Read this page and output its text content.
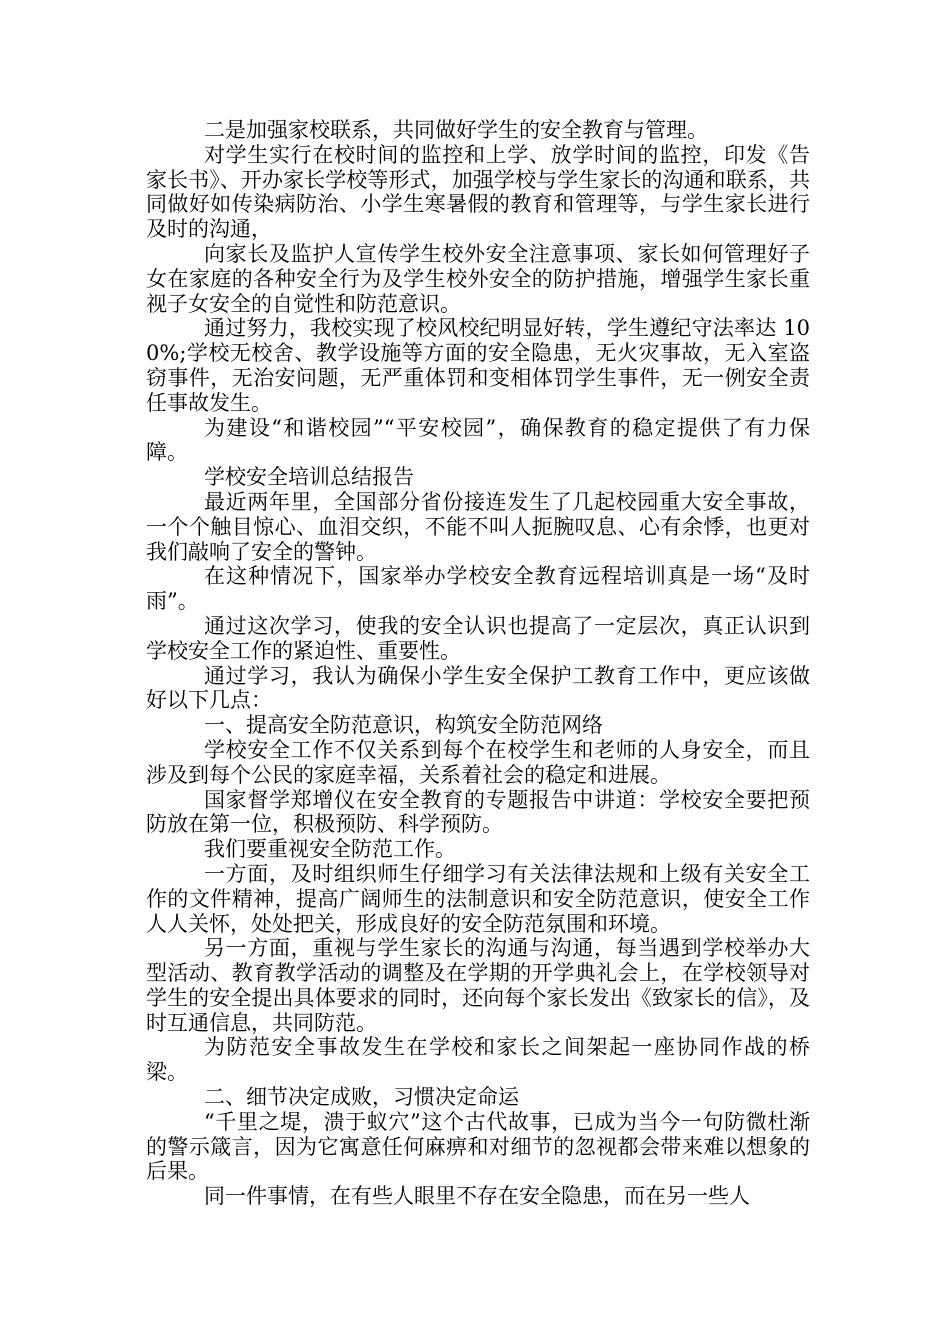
二是加强家校联系，共同做好学生的安全教育与管理。

对学生实行在校时间的监控和上学、放学时间的监控，印发《告家长书》、开办家长学校等形式，加强学校与学生家长的沟通和联系，共同做好如传染病防治、小学生寒暑假的教育和管理等，与学生家长进行及时的沟通，

向家长及监护人宣传学生校外安全注意事项、家长如何管理好子女在家庭的各种安全行为及学生校外安全的防护措施，增强学生家长重视子女安全的自觉性和防范意识。

通过努力，我校实现了校风校纪明显好转，学生遵纪守法率达 100%;学校无校舍、教学设施等方面的安全隐患，无火灾事故，无入室盗窃事件，无治安问题，无严重体罚和变相体罚学生事件，无一例安全责任事故发生。

为建设“和谐校园”“平安校园”，确保教育的稳定提供了有力保障。

学校安全培训总结报告

最近两年里，全国部分省份接连发生了几起校园重大安全事故，一个个触目惊心、血泪交织，不能不叫人扼腕叹息、心有余悸，也更对我们敲响了安全的警钟。

在这种情况下，国家举办学校安全教育远程培训真是一场“及时雨”。

通过这次学习，使我的安全认识也提高了一定层次，真正认识到学校安全工作的紧迫性、重要性。

通过学习，我认为确保小学生安全保护工教育工作中，更应该做好以下几点：

一、提高安全防范意识，构筑安全防范网络

学校安全工作不仅关系到每个在校学生和老师的人身安全，而且涉及到每个公民的家庭幸福，关系着社会的稳定和进展。

国家督学郑增仪在安全教育的专题报告中讲道：学校安全要把预防放在第一位，积极预防、科学预防。

我们要重视安全防范工作。

一方面，及时组织师生仔细学习有关法律法规和上级有关安全工作的文件精神，提高广阔师生的法制意识和安全防范意识，使安全工作人人关怀，处处把关，形成良好的安全防范氛围和环境。

另一方面，重视与学生家长的沟通与沟通，每当遇到学校举办大型活动、教育教学活动的调整及在学期的开学典礼会上，在学校领导对学生的安全提出具体要求的同时，还向每个家长发出《致家长的信》，及时互通信息，共同防范。

为防范安全事故发生在学校和家长之间架起一座协同作战的桥梁。

二、细节决定成败，习惯决定命运

“千里之堤，溃于蚁穴”这个古代故事，已成为当今一句防微杜渐的警示箴言，因为它寓意任何麻痹和对细节的忽视都会带来难以想象的后果。

同一件事情，在有些人眼里不存在安全隐患，而在另一些人
